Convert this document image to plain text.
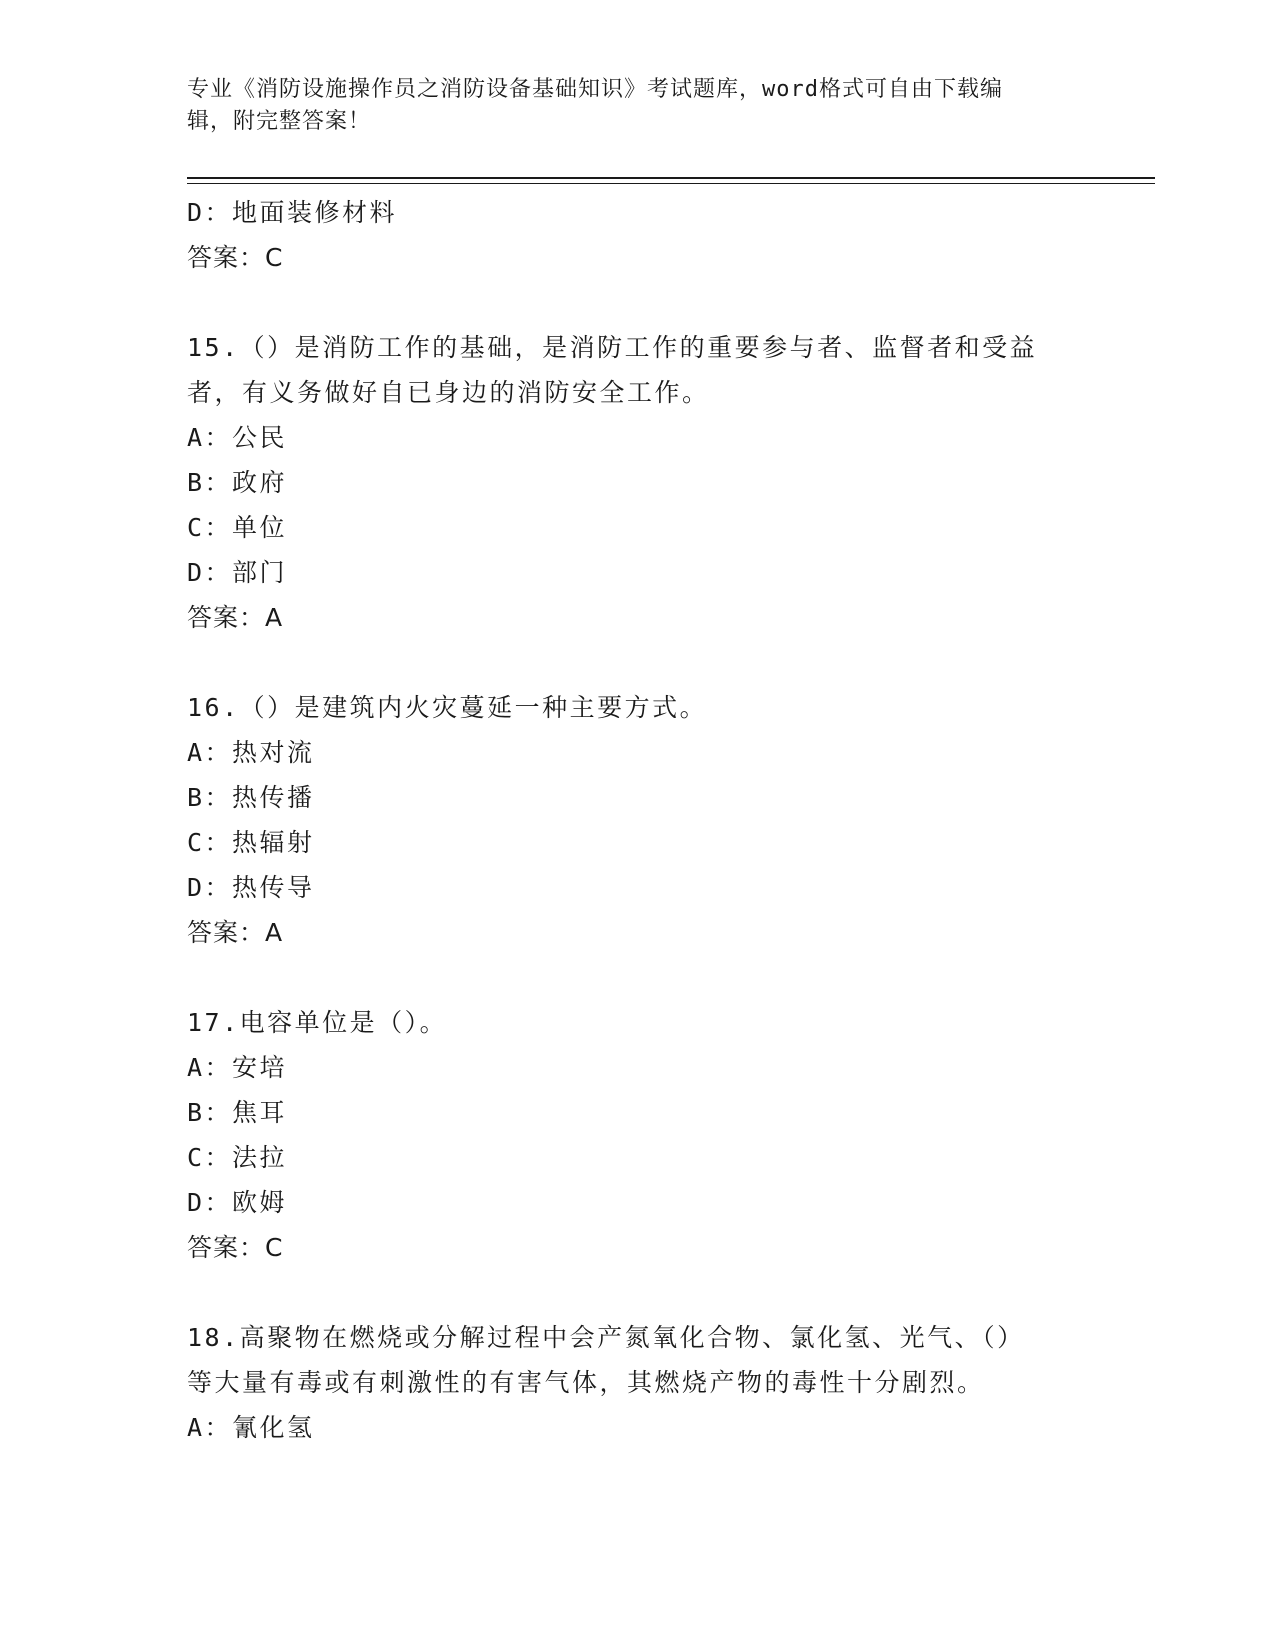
专业《消防设施操作员之消防设备基础知识》考试题库，word格式可自由下载编
辑，附完整答案！
D：地面装修材料
答案：C
15.（）是消防工作的基础，是消防工作的重要参与者、监督者和受益
者，有义务做好自已身边的消防安全工作。
A：公民
B：政府
C：单位
D：部门
答案：A
16.（）是建筑内火灾蔓延一种主要方式。
A：热对流
B：热传播
C：热辐射
D：热传导
答案：A
17.电容单位是（）。
A：安培
B：焦耳
C：法拉
D：欧姆
答案：C
18.高聚物在燃烧或分解过程中会产氮氧化合物、氯化氢、光气、（）
等大量有毒或有刺激性的有害气体，其燃烧产物的毒性十分剧烈。
A：氰化氢
